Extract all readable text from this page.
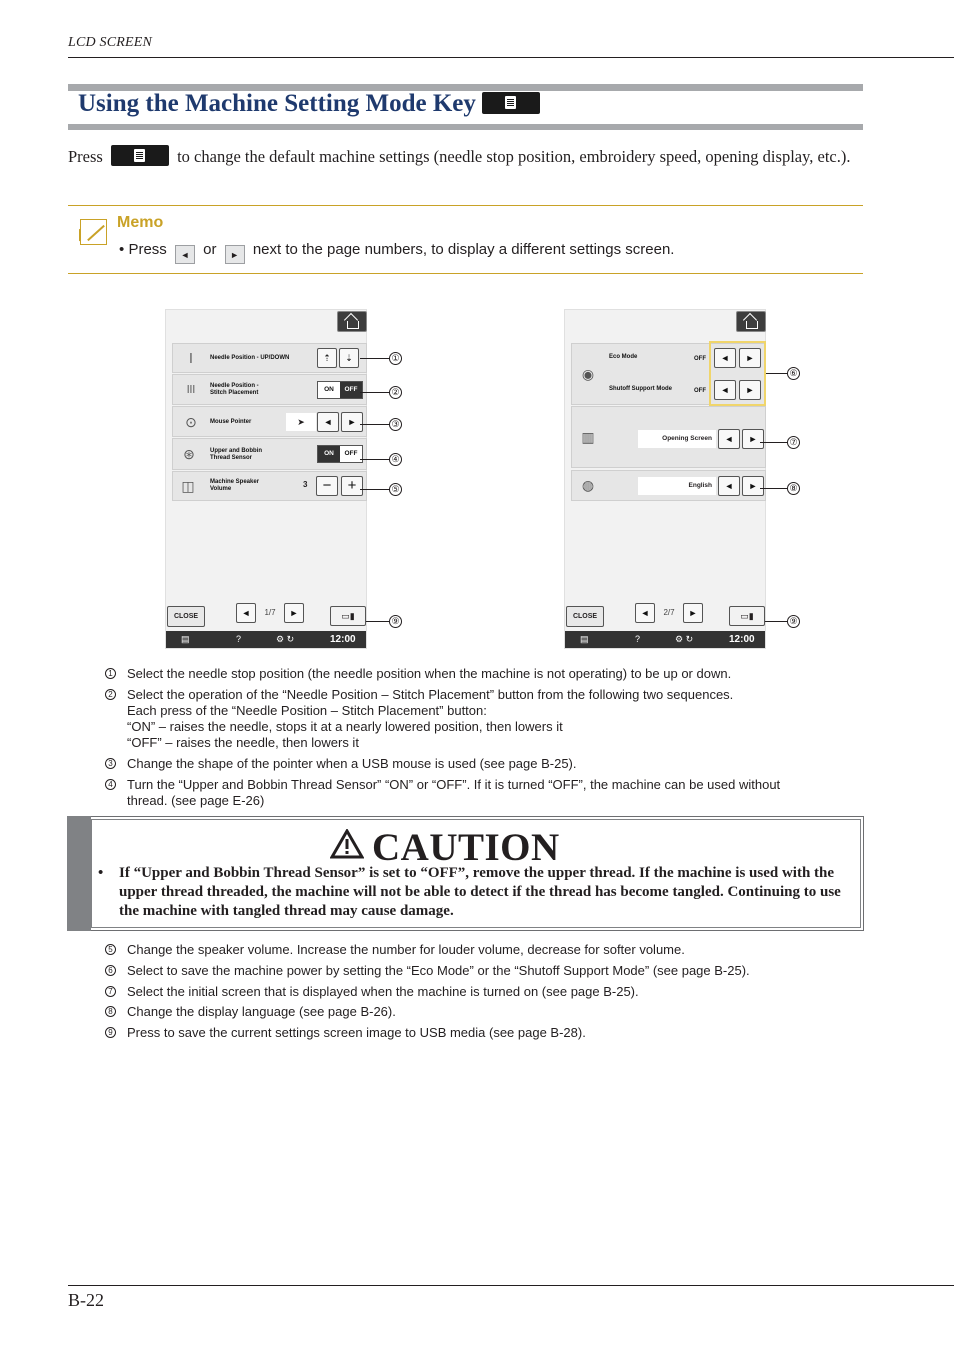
LCD SCREEN
Using the Machine Setting Mode Key
Press	to change the default machine settings (needle stop position, embroidery speed, opening display, etc.).
Memo
• Press ◄ or ► next to the page numbers, to display a different settings screen.
ǀ	Needle Position - UP/DOWN	⇡	⇣
ǀǀǀ	Needle Position -
Stitch Placement	ON	OFF
⊙	Mouse Pointer	➤	◄	►
⊛	Upper and Bobbin
Thread Sensor
ON	OFF
◫	Machine Speaker
Volume	3	−	+
CLOSE	◄	1/7	►	▭▮
▤	?	⚙ ↻	12:00
①
②
③
④
⑤
⑨
◉
Eco Mode	OFF	◄	►
Shutoff Support Mode	OFF	◄	►
▥	Opening Screen	◄	►
◍	English	◄	►
CLOSE	◄	2/7	►	▭▮
▤	?	⚙ ↻	12:00
⑥
⑦
⑧
⑨
1 Select the needle stop position (the needle position when the machine is not operating) to be up or down.
2 Select the operation of the “Needle Position – Stitch Placement” button from the following two sequences.
Each press of the “Needle Position – Stitch Placement” button:
“ON” – raises the needle, stops it at a nearly lowered position, then lowers it
“OFF” – raises the needle, then lowers it
3 Change the shape of the pointer when a USB mouse is used (see page B-25).
4 Turn the “Upper and Bobbin Thread Sensor” “ON” or “OFF”. If it is turned “OFF”, the machine can be used without
thread. (see page E-26)
CAUTION
• If “Upper and Bobbin Thread Sensor” is set to “OFF”, remove the upper thread. If the machine is used with the upper thread threaded, the machine will not be able to detect if the thread has become tangled. Continuing to use the machine with tangled thread may cause damage.
5 Change the speaker volume. Increase the number for louder volume, decrease for softer volume.
6 Select to save the machine power by setting the “Eco Mode” or the “Shutoff Support Mode” (see page B-25).
7 Select the initial screen that is displayed when the machine is turned on (see page B-25).
8 Change the display language (see page B-26).
9 Press to save the current settings screen image to USB media (see page B-28).
B-22
